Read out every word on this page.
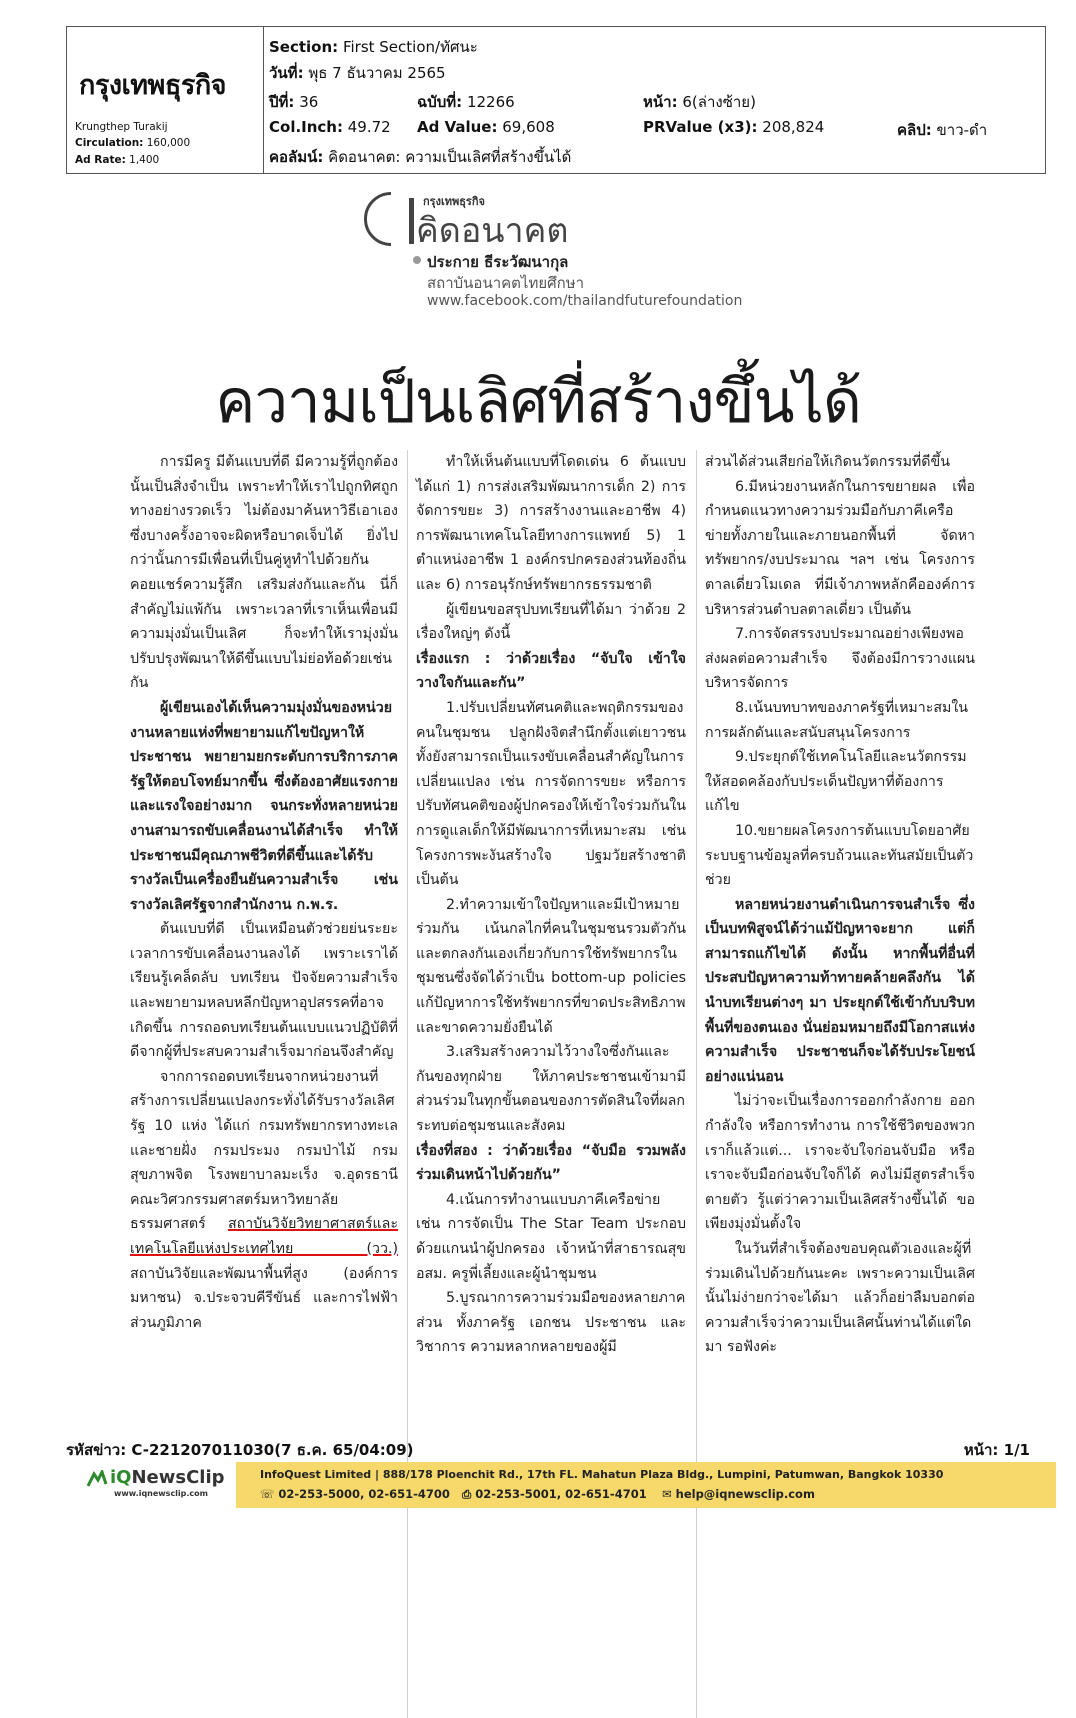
กรุงเทพธุรกิจ
Krungthep Turakij
Circulation: 160,000
Ad Rate: 1,400
Section: First Section/ทัศนะ
วันที่: พุธ 7 ธันวาคม 2565
ปีที่: 36	ฉบับที่: 12266	หน้า: 6(ล่างซ้าย)
Col.Inch: 49.72 Ad Value: 69,608	PRValue (x3): 208,824	คลิป: ขาว-ดำ
คอลัมน์: คิดอนาคต: ความเป็นเลิศที่สร้างขึ้นได้
กรุงเทพธุรกิจ
คิดอนาคต
ประกาย ธีระวัฒนากุล
สถาบันอนาคตไทยศึกษา
www.facebook.com/thailandfuturefoundation
ความเป็นเลิศที่สร้างขึ้นได้

การมีครู มีต้นแบบที่ดี มีความรู้ที่ถูกต้องนั้นเป็นสิ่งจำเป็น เพราะทำให้เราไปถูกทิศถูกทางอย่างรวดเร็ว ไม่ต้องมาค้นหาวิธีเอาเอง ซึ่งบางครั้งอาจจะผิดหรือบาดเจ็บได้ ยิ่งไปกว่านั้นการมีเพื่อนที่เป็นคู่หูทำไปด้วยกัน คอยแชร์ความรู้สึก เสริมส่งกันและกัน นี่ก็สำคัญไม่แพ้กัน เพราะเวลาที่เราเห็นเพื่อนมีความมุ่งมั่นเป็นเลิศ ก็จะทำให้เรามุ่งมั่นปรับปรุงพัฒนาให้ดีขึ้นแบบไม่ย่อท้อด้วยเช่นกัน

ผู้เขียนเองได้เห็นความมุ่งมั่นของหน่วยงานหลายแห่งที่พยายามแก้ไขปัญหาให้ประชาชน พยายามยกระดับการบริการภาครัฐให้ตอบโจทย์มากขึ้น ซึ่งต้องอาศัยแรงกายและแรงใจอย่างมาก จนกระทั่งหลายหน่วยงานสามารถขับเคลื่อนงานได้สำเร็จ ทำให้ประชาชนมีคุณภาพชีวิตที่ดีขึ้นและได้รับรางวัลเป็นเครื่องยืนยันความสำเร็จ เช่น รางวัลเลิศรัฐจากสำนักงาน ก.พ.ร.

ต้นแบบที่ดี เป็นเหมือนตัวช่วยย่นระยะเวลาการขับเคลื่อนงานลงได้ เพราะเราได้เรียนรู้เคล็ดลับ บทเรียน ปัจจัยความสำเร็จและพยายามหลบหลีกปัญหาอุปสรรคที่อาจเกิดขึ้น การถอดบทเรียนต้นแบบแนวปฏิบัติที่ดีจากผู้ที่ประสบความสำเร็จมาก่อนจึงสำคัญ

จากการถอดบทเรียนจากหน่วยงานที่สร้างการเปลี่ยนแปลงกระทั่งได้รับรางวัลเลิศรัฐ 10 แห่ง ได้แก่ กรมทรัพยากรทางทะเลและชายฝั่ง กรมประมง กรมป่าไม้ กรมสุขภาพจิต โรงพยาบาลมะเร็ง จ.อุดรธานี คณะวิศวกรรมศาสตร์มหาวิทยาลัยธรรมศาสตร์ สถาบันวิจัยวิทยาศาสตร์และเทคโนโลยีแห่งประเทศไทย (วว.) สถาบันวิจัยและพัฒนาพื้นที่สูง (องค์การมหาชน) จ.ประจวบคีรีขันธ์ และการไฟฟ้าส่วนภูมิภาค

ทำให้เห็นต้นแบบที่โดดเด่น 6 ต้นแบบ ได้แก่ 1) การส่งเสริมพัฒนาการเด็ก 2) การจัดการขยะ 3) การสร้างงานและอาชีพ 4) การพัฒนาเทคโนโลยีทางการแพทย์ 5) 1 ตำแหน่งอาชีพ 1 องค์กรปกครองส่วนท้องถิ่น และ 6) การอนุรักษ์ทรัพยากรธรรมชาติ

ผู้เขียนขอสรุปบทเรียนที่ได้มา ว่าด้วย 2 เรื่องใหญ่ๆ ดังนี้

เรื่องแรก : ว่าด้วยเรื่อง “จับใจ เข้าใจ วางใจกันและกัน”

1.ปรับเปลี่ยนทัศนคติและพฤติกรรมของคนในชุมชน ปลูกฝังจิตสำนึกตั้งแต่เยาวชน ทั้งยังสามารถเป็นแรงขับเคลื่อนสำคัญในการเปลี่ยนแปลง เช่น การจัดการขยะ หรือการปรับทัศนคติของผู้ปกครองให้เข้าใจร่วมกันในการดูแลเด็กให้มีพัฒนาการที่เหมาะสม เช่น โครงการพะงันสร้างใจ ปฐมวัยสร้างชาติ เป็นต้น

2.ทำความเข้าใจปัญหาและมีเป้าหมายร่วมกัน เน้นกลไกที่คนในชุมชนรวมตัวกันและตกลงกันเองเกี่ยวกับการใช้ทรัพยากรในชุมชนซึ่งจัดได้ว่าเป็น bottom-up policies แก้ปัญหาการใช้ทรัพยากรที่ขาดประสิทธิภาพและขาดความยั่งยืนได้

3.เสริมสร้างความไว้วางใจซึ่งกันและกันของทุกฝ่าย ให้ภาคประชาชนเข้ามามีส่วนร่วมในทุกขั้นตอนของการตัดสินใจที่ผลกระทบต่อชุมชนและสังคม

เรื่องที่สอง : ว่าด้วยเรื่อง “จับมือ รวมพลัง ร่วมเดินหน้าไปด้วยกัน”

4.เน้นการทำงานแบบภาคีเครือข่าย เช่น การจัดเป็น The Star Team ประกอบด้วยแกนนำผู้ปกครอง เจ้าหน้าที่สาธารณสุข อสม. ครูพี่เลี้ยงและผู้นำชุมชน

5.บูรณาการความร่วมมือของหลายภาคส่วน ทั้งภาครัฐ เอกชน ประชาชน และวิชาการ ความหลากหลายของผู้มี

ส่วนได้ส่วนเสียก่อให้เกิดนวัตกรรมที่ดีขึ้น

6.มีหน่วยงานหลักในการขยายผล เพื่อกำหนดแนวทางความร่วมมือกับภาคีเครือข่ายทั้งภายในและภายนอกพื้นที่ จัดหาทรัพยากร/งบประมาณ ฯลฯ เช่น โครงการตาลเดี่ยวโมเดล ที่มีเจ้าภาพหลักคือองค์การบริหารส่วนตำบลตาลเดี่ยว เป็นต้น

7.การจัดสรรงบประมาณอย่างเพียงพอส่งผลต่อความสำเร็จ จึงต้องมีการวางแผนบริหารจัดการ

8.เน้นบทบาทของภาครัฐที่เหมาะสมในการผลักดันและสนับสนุนโครงการ

9.ประยุกต์ใช้เทคโนโลยีและนวัตกรรมให้สอดคล้องกับประเด็นปัญหาที่ต้องการแก้ไข

10.ขยายผลโครงการต้นแบบโดยอาศัยระบบฐานข้อมูลที่ครบถ้วนและทันสมัยเป็นตัวช่วย

หลายหน่วยงานดำเนินการจนสำเร็จ ซึ่งเป็นบทพิสูจน์ได้ว่าแม้ปัญหาจะยาก แต่ก็สามารถแก้ไขได้ ดังนั้น หากพื้นที่อื่นที่ประสบปัญหาความท้าทายคล้ายคลึงกัน ได้นำบทเรียนต่างๆ มา ประยุกต์ใช้เข้ากับบริบทพื้นที่ของตนเอง นั่นย่อมหมายถึงมีโอกาสแห่งความสำเร็จ ประชาชนก็จะได้รับประโยชน์อย่างแน่นอน

ไม่ว่าจะเป็นเรื่องการออกกำลังกาย ออกกำลังใจ หรือการทำงาน การใช้ชีวิตของพวกเราก็แล้วแต่... เราจะจับใจก่อนจับมือ หรือเราจะจับมือก่อนจับใจก็ได้ คงไม่มีสูตรสำเร็จตายตัว รู้แต่ว่าความเป็นเลิศสร้างขึ้นได้ ขอเพียงมุ่งมั่นตั้งใจ

ในวันที่สำเร็จต้องขอบคุณตัวเองและผู้ที่ร่วมเดินไปด้วยกันนะคะ เพราะความเป็นเลิศนั้นไม่ง่ายกว่าจะได้มา แล้วก็อย่าลืมบอกต่อความสำเร็จว่าความเป็นเลิศนั้นท่านได้แต่ใดมา รอฟังค่ะ

รหัสข่าว: C-221207011030(7 ธ.ค. 65/04:09)	หน้า: 1/1
iQNewsClip
www.iqnewsclip.com
InfoQuest Limited | 888/178 Ploenchit Rd., 17th FL. Mahatun Plaza Bldg., Lumpini, Patumwan, Bangkok 10330
☏ 02-253-5000, 02-651-4700 ⎙ 02-253-5001, 02-651-4701 ✉ help@iqnewsclip.com
